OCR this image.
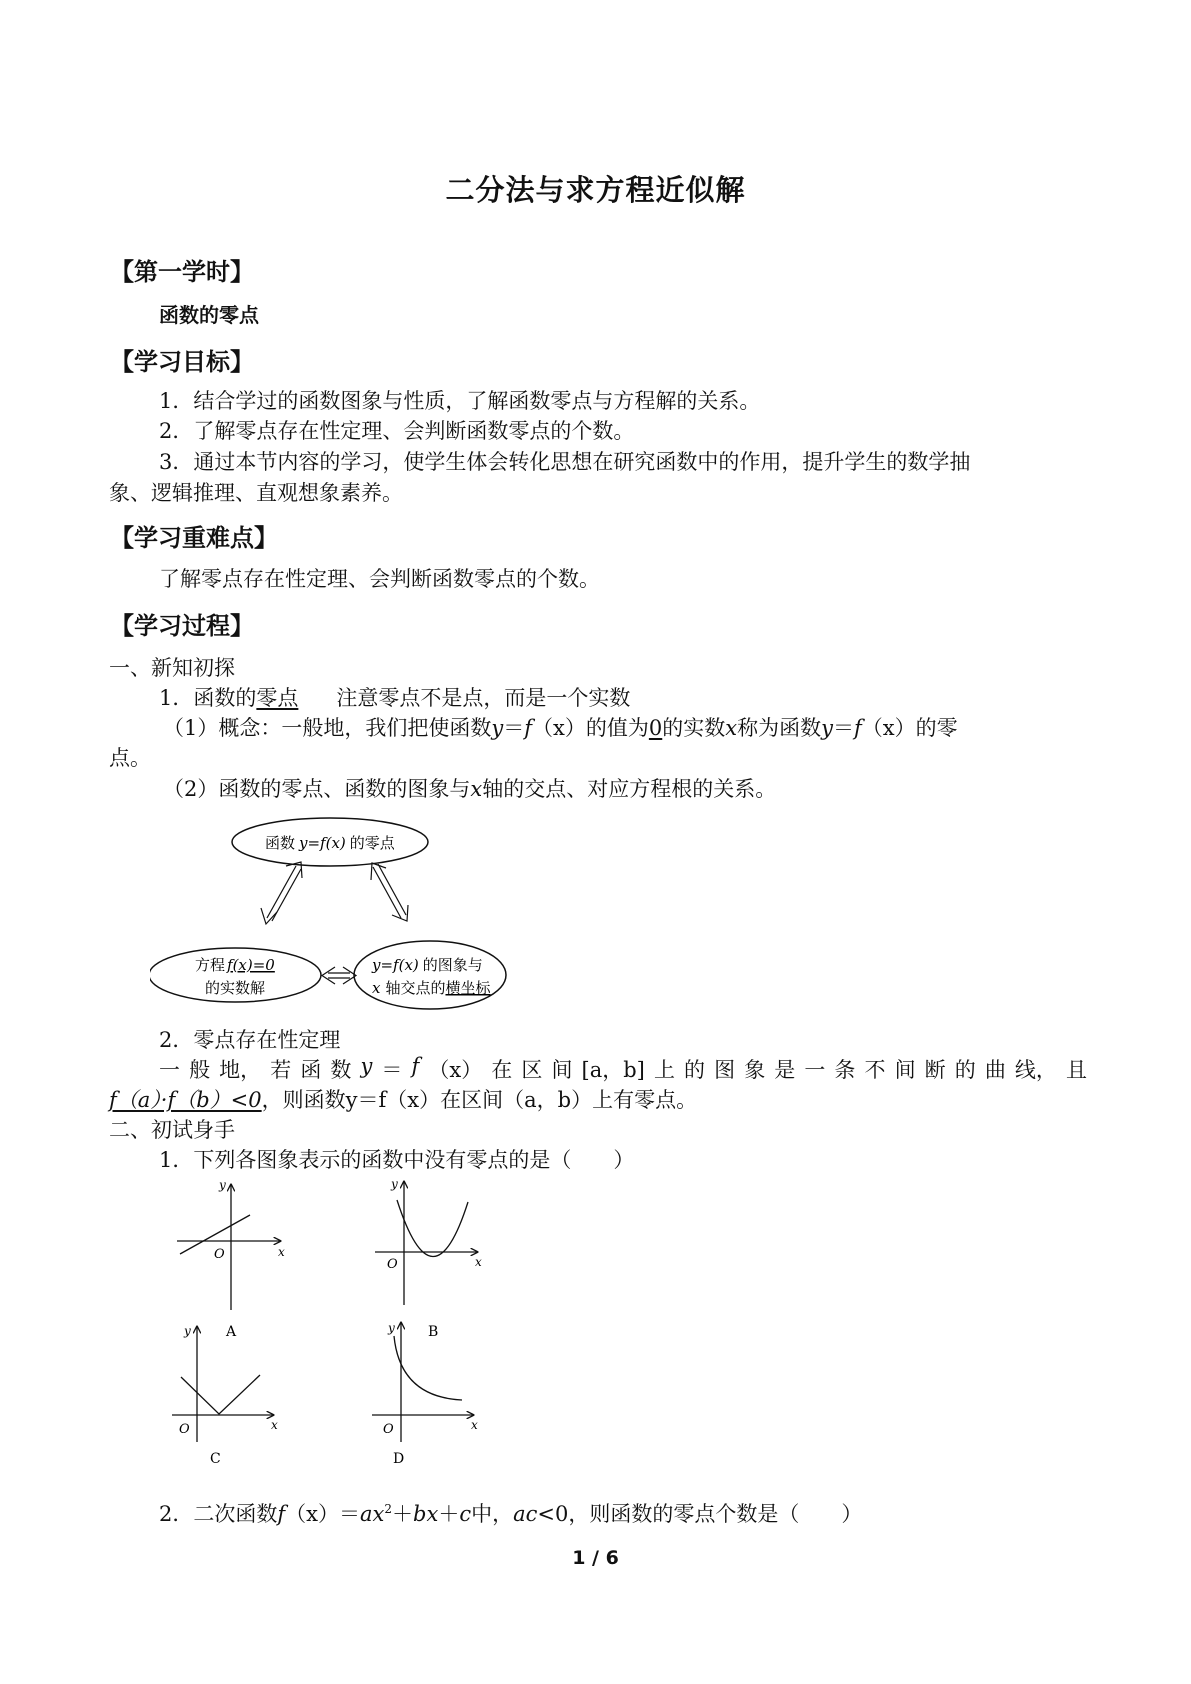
二分法与求方程近似解
【第一学时】
函数的零点
【学习目标】
1．结合学过的函数图象与性质，了解函数零点与方程解的关系。
2．了解零点存在性定理、会判断函数零点的个数。
3．通过本节内容的学习，使学生体会转化思想在研究函数中的作用，提升学生的数学抽
象、逻辑推理、直观想象素养。
【学习重难点】
了解零点存在性定理、会判断函数零点的个数。
【学习过程】
一、新知初探
1．函数的零点 注意零点不是点，而是一个实数
（1）概念：一般地，我们把使函数y＝f（x）的值为0的实数x称为函数y＝f（x）的零
点。
（2）函数的零点、函数的图象与x轴的交点、对应方程根的关系。
函数 y=f(x) 的零点
方程 f(x)=0
的实数解
y=f(x) 的图象与
x 轴交点的横坐标
2．零点存在性定理
一 般 地， 若 函 数 y ＝ f （x） 在 区 间 [a，b] 上 的 图 象 是 一 条 不 间 断 的 曲 线， 且
f（a）·f（b）<0，则函数y＝f（x）在区间（a，b）上有零点。
二、初试身手
1．下列各图象表示的函数中没有零点的是（　　）
y
x
O
A
y
x
O
B
y
x
O
C
y
x
O
D
2．二次函数$f(x)=ax^2+bx+c$中，ac<0，则函数的零点个数是（　　）
1 / 6
